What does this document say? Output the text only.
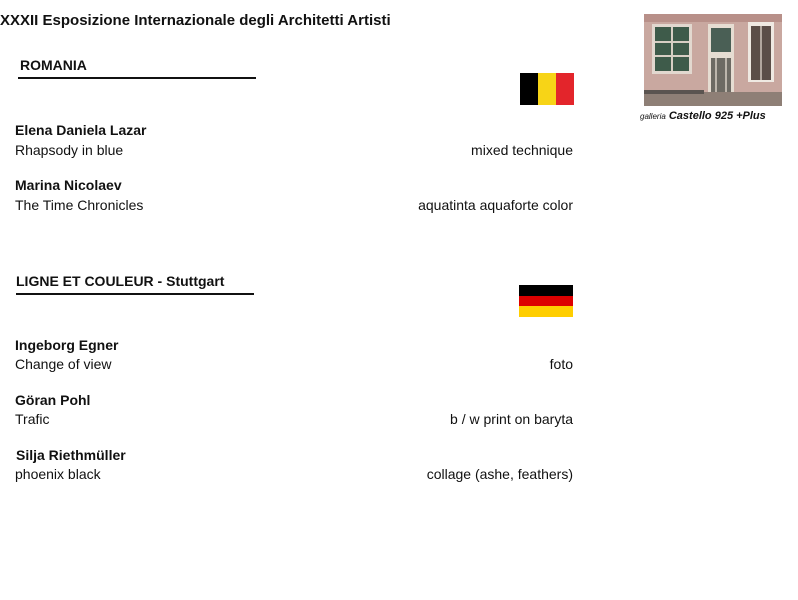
XXXII Esposizione Internazionale degli Architetti Artisti
galleria Castello 925 +Plus
ROMANIA
Elena Daniela Lazar
Rhapsody in blue	mixed technique
Marina Nicolaev
The Time Chronicles	aquatinta aquaforte color
LIGNE ET COULEUR - Stuttgart
Ingeborg Egner
Change of view	foto
Göran Pohl
Trafic	b / w print on baryta
Silja Riethmüller
phoenix black	collage (ashe, feathers)
